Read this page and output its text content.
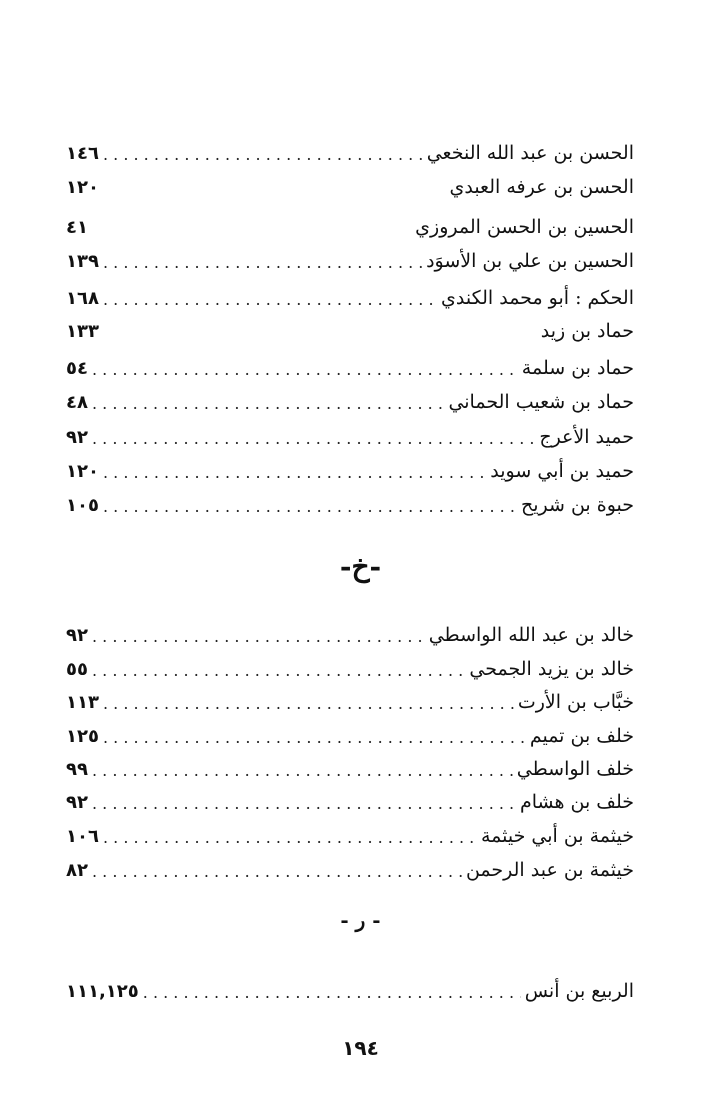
الحسن بن عبد الله النخعي
. . .
١٤٦
الحسن بن عرفه العبدي
١٢٠
الحسين بن الحسن المروزي
٤١
الحسين بن علي بن الأسوَد
. . .
١٣٩
الحكم : أبو محمد الكندي
. . .
١٦٨
حماد بن زيد
١٣٣
حماد بن سلمة
. . .
٥٤
حماد بن شعيب الحماني
. . .
٤٨
حميد الأعرج
. . .
٩٢
حميد بن أبي سويد
. . .
١٢٠
حبوة بن شريح
. . .
١٠٥
-خ-
خالد بن عبد الله الواسطي
. . .
٩٢
خالد بن يزيد الجمحي
. . .
٥٥
خبَّاب بن الأرت
. . .
١١٣
خلف بن تميم
. . .
١٢٥
خلف الواسطي
. . .
٩٩
خلف بن هشام
. . .
٩٢
خيثمة بن أبي خيثمة
. . .
١٠٦
خيثمة بن عبد الرحمن
. . .
٨٢
- ر -
الربيع بن أنس
. . .
١١١,١٢٥
١٩٤
